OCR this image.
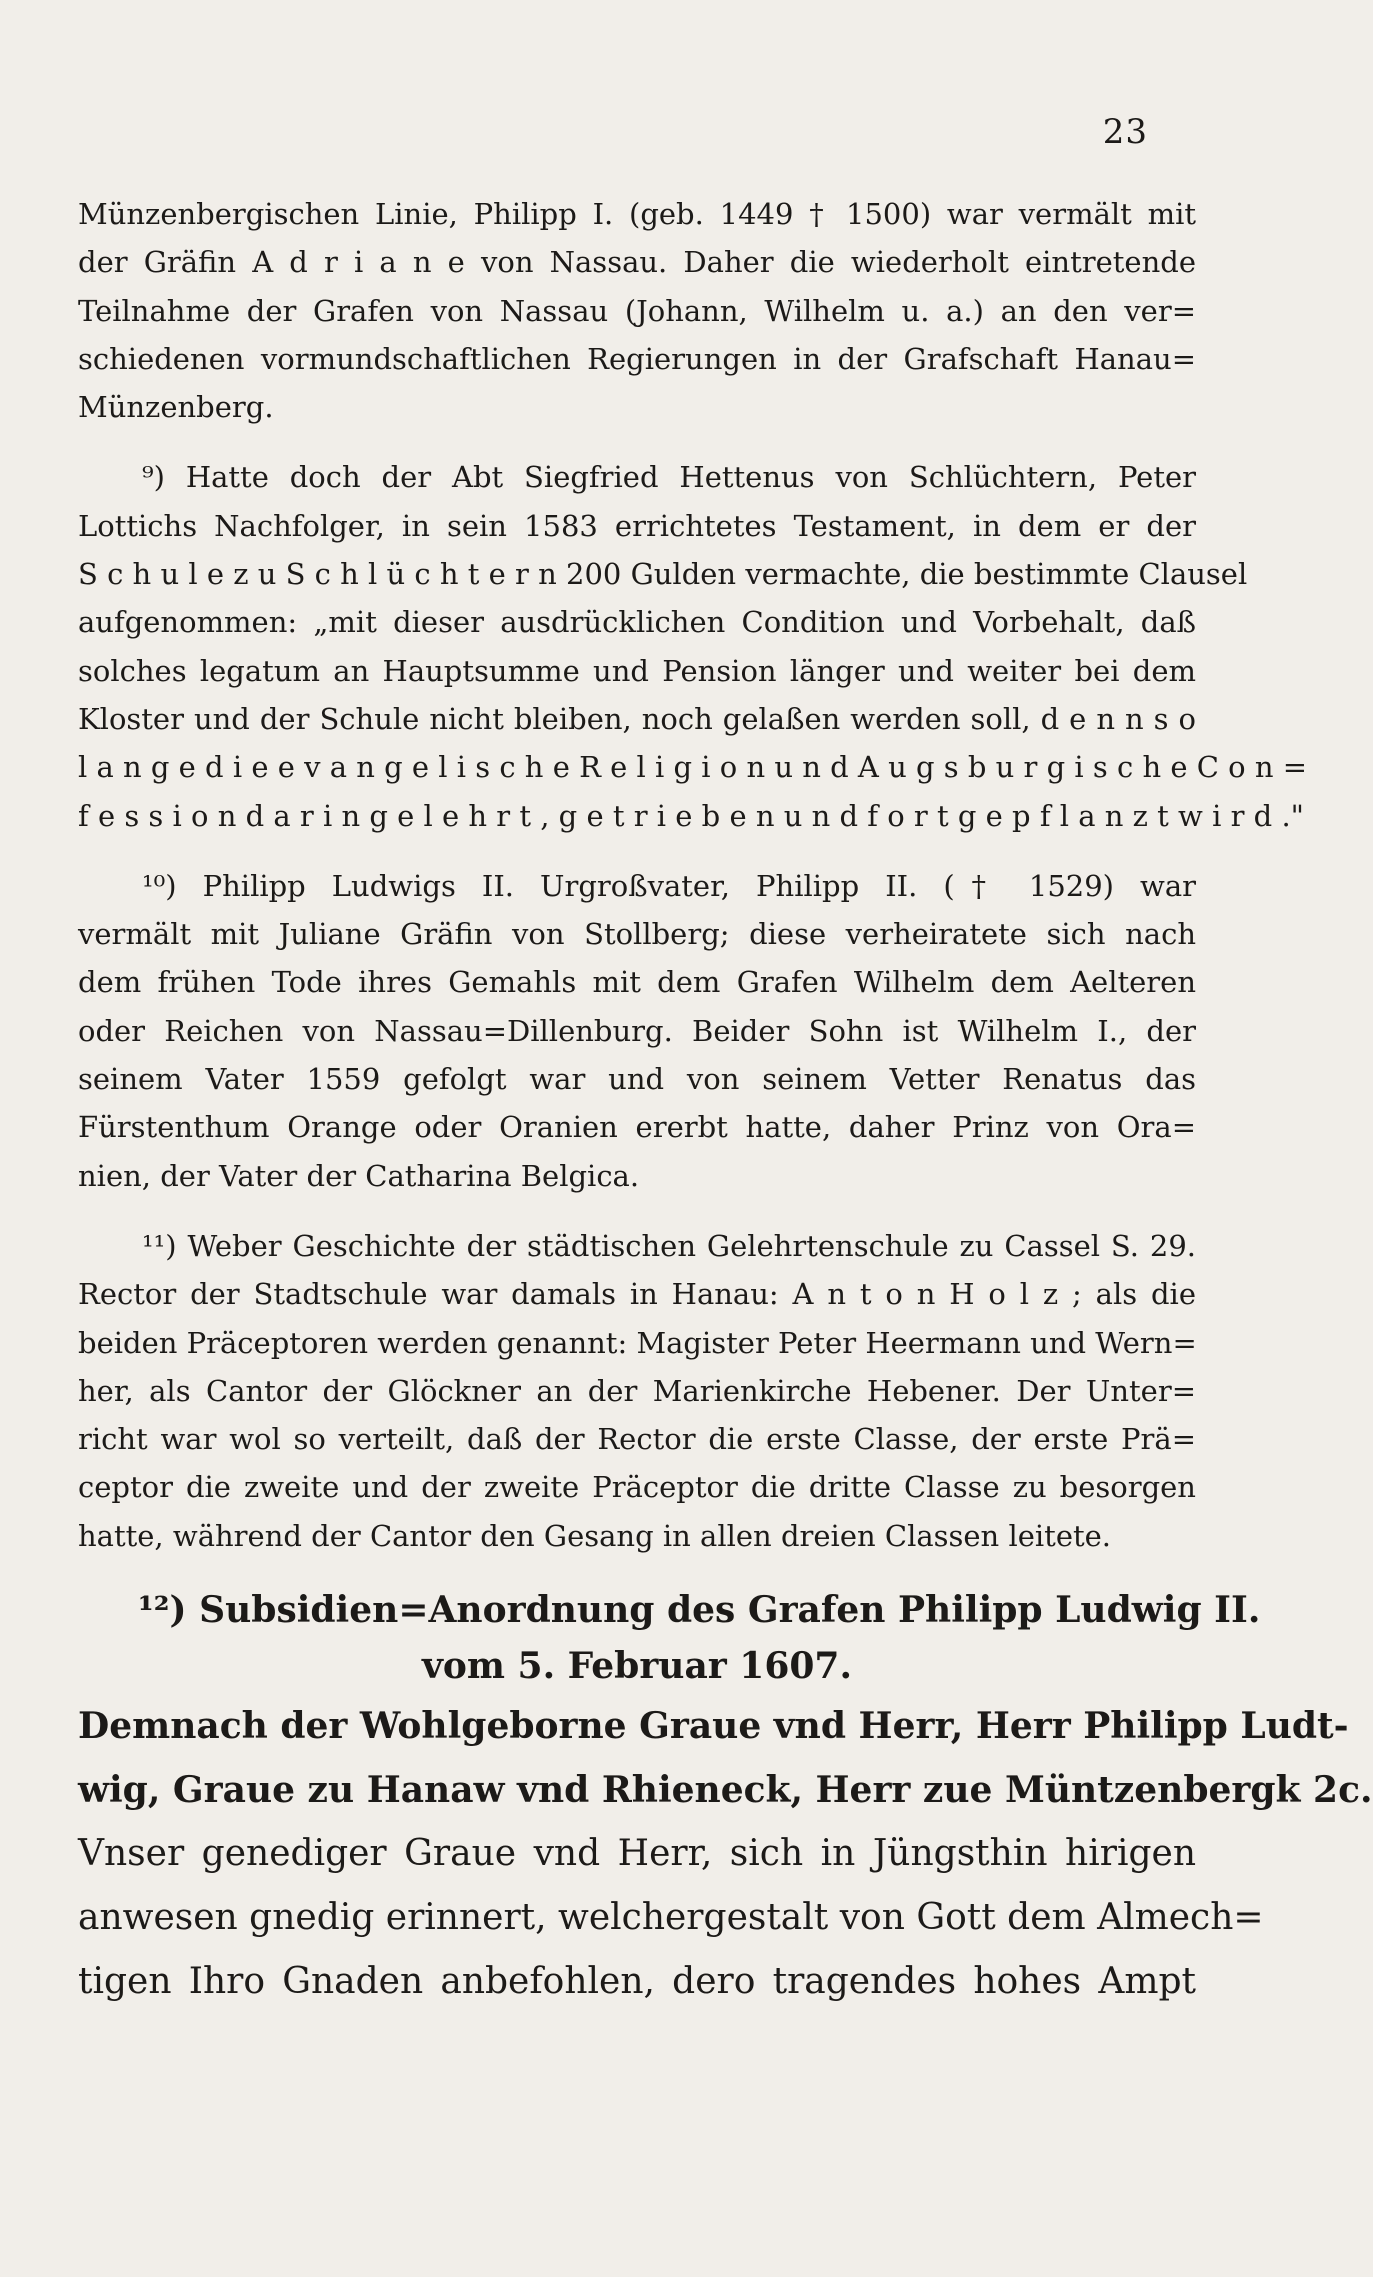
23
Münzenbergischen Linie, Philipp I. (geb. 1449 † 1500) war vermält mit
der Gräfin A d r i a n e von Nassau. Daher die wiederholt eintretende
Teilnahme der Grafen von Nassau (Johann, Wilhelm u. a.) an den ver=
schiedenen vormundschaftlichen Regierungen in der Grafschaft Hanau=
Münzenberg.
⁹) Hatte doch der Abt Siegfried Hettenus von Schlüchtern, Peter
Lottichs Nachfolger, in sein 1583 errichtetes Testament, in dem er der
S c h u l e z u S c h l ü c h t e r n 200 Gulden vermachte, die bestimmte Clausel
aufgenommen: „mit dieser ausdrücklichen Condition und Vorbehalt, daß
solches legatum an Hauptsumme und Pension länger und weiter bei dem
Kloster und der Schule nicht bleiben, noch gelaßen werden soll, d e n n s o
l a n g e d i e e v a n g e l i s c h e R e l i g i o n u n d A u g s b u r g i s c h e C o n =
f e s s i o n d a r i n g e l e h r t , g e t r i e b e n u n d f o r t g e p f l a n z t w i r d ."
¹⁰) Philipp Ludwigs II. Urgroßvater, Philipp II. († 1529) war
vermält mit Juliane Gräfin von Stollberg; diese verheiratete sich nach
dem frühen Tode ihres Gemahls mit dem Grafen Wilhelm dem Aelteren
oder Reichen von Nassau=Dillenburg. Beider Sohn ist Wilhelm I., der
seinem Vater 1559 gefolgt war und von seinem Vetter Renatus das
Fürstenthum Orange oder Oranien ererbt hatte, daher Prinz von Ora=
nien, der Vater der Catharina Belgica.
¹¹) Weber Geschichte der städtischen Gelehrtenschule zu Cassel S. 29.
Rector der Stadtschule war damals in Hanau: A n t o n H o l z ; als die
beiden Präceptoren werden genannt: Magister Peter Heermann und Wern=
her, als Cantor der Glöckner an der Marienkirche Hebener. Der Unter=
richt war wol so verteilt, daß der Rector die erste Classe, der erste Prä=
ceptor die zweite und der zweite Präceptor die dritte Classe zu besorgen
hatte, während der Cantor den Gesang in allen dreien Classen leitete.
¹²) Subsidien=Anordnung des Grafen Philipp Ludwig II.
vom 5. Februar 1607.
Demnach der Wohlgeborne Graue vnd Herr, Herr Philipp Ludt-
wig, Graue zu Hanaw vnd Rhieneck, Herr zue Müntzenbergk 2c.
Vnser genediger Graue vnd Herr, sich in Jüngsthin hirigen
anwesen gnedig erinnert, welchergestalt von Gott dem Almech=
tigen Ihro Gnaden anbefohlen, dero tragendes hohes Ampt
